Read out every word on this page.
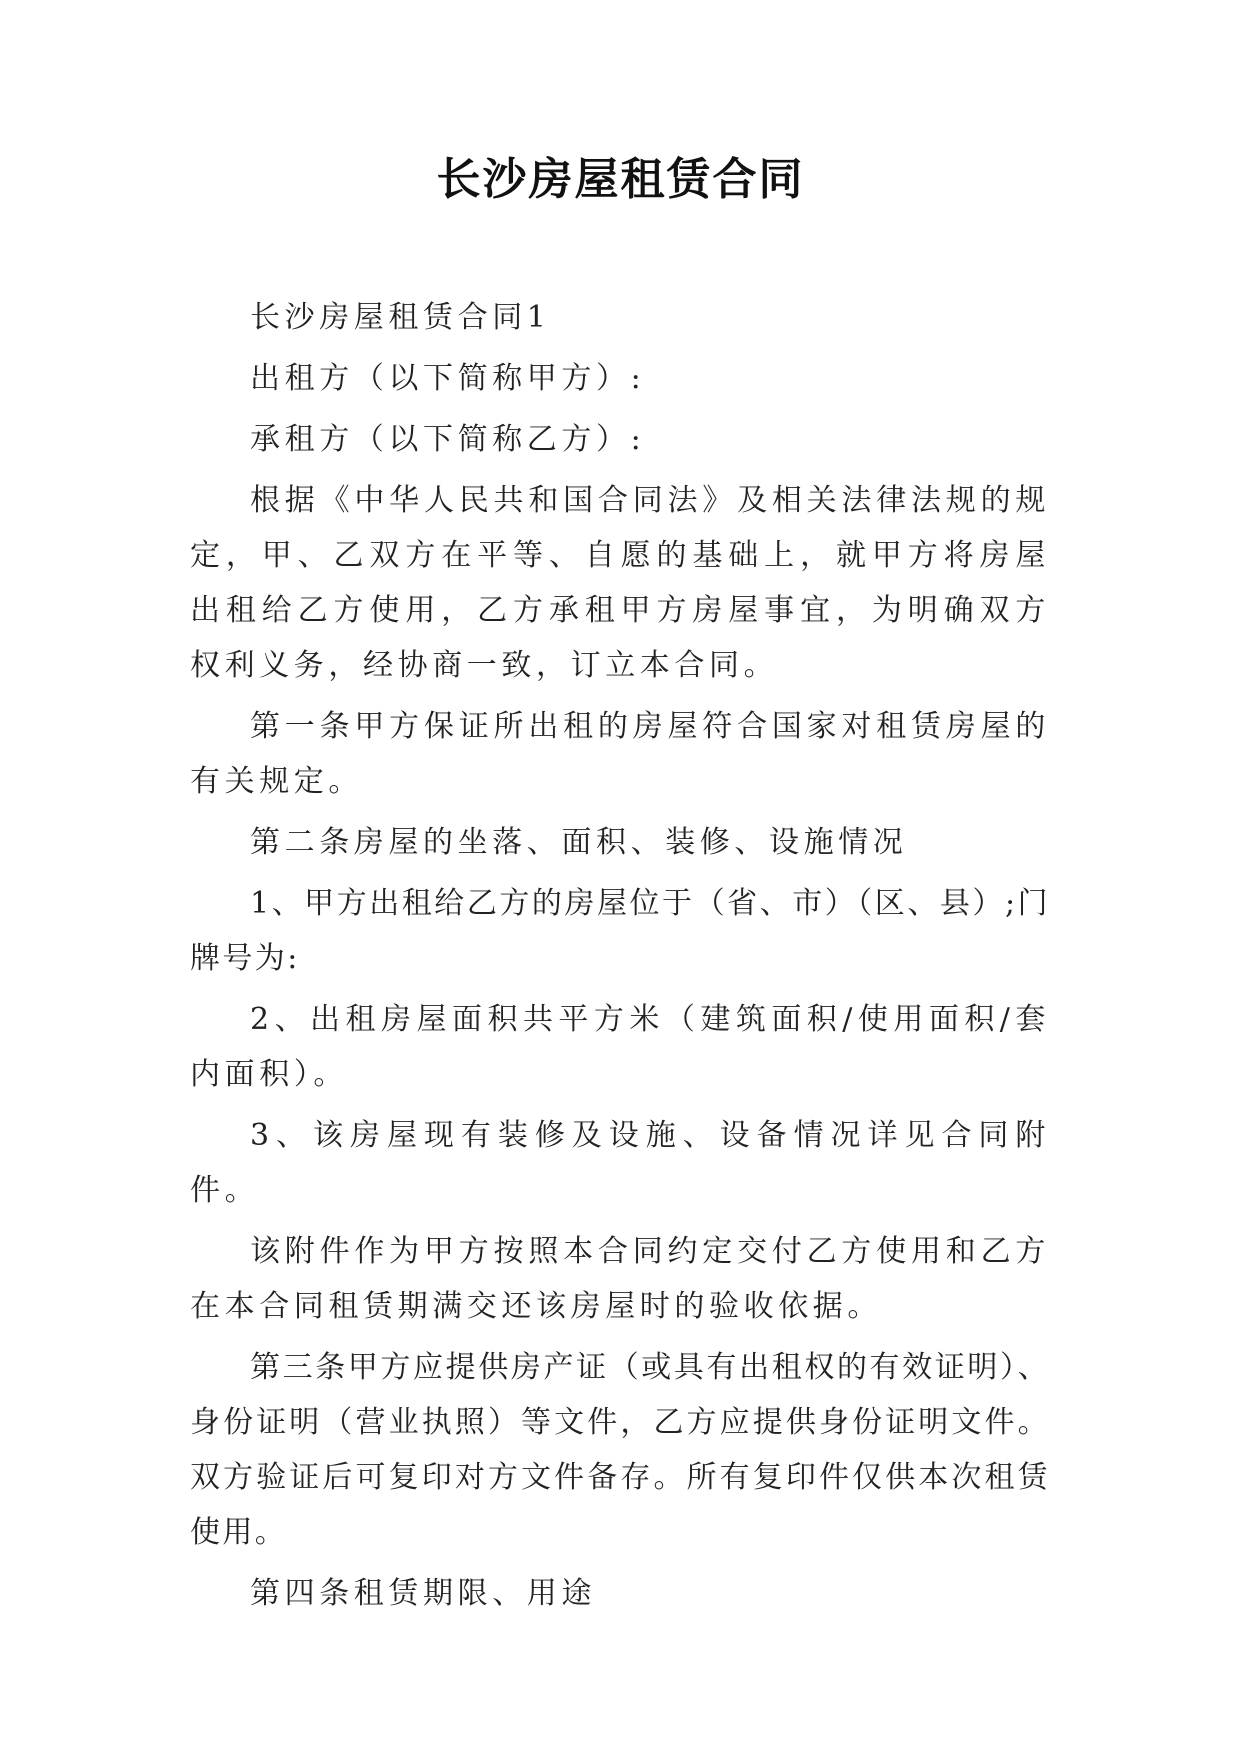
长沙房屋租赁合同

长沙房屋租赁合同1

出租方（以下简称甲方）:

承租方（以下简称乙方）:

根据《中华人民共和国合同法》及相关法律法规的规定，甲、乙双方在平等、自愿的基础上，就甲方将房屋出租给乙方使用，乙方承租甲方房屋事宜，为明确双方权利义务，经协商一致，订立本合同。

第一条甲方保证所出租的房屋符合国家对租赁房屋的有关规定。

第二条房屋的坐落、面积、装修、设施情况

1、甲方出租给乙方的房屋位于（省、市）（区、县）;门牌号为:

2、出租房屋面积共平方米（建筑面积/使用面积/套内面积）。

3、该房屋现有装修及设施、设备情况详见合同附件。

该附件作为甲方按照本合同约定交付乙方使用和乙方在本合同租赁期满交还该房屋时的验收依据。

第三条甲方应提供房产证（或具有出租权的有效证明）、身份证明（营业执照）等文件，乙方应提供身份证明文件。双方验证后可复印对方文件备存。所有复印件仅供本次租赁使用。

第四条租赁期限、用途
